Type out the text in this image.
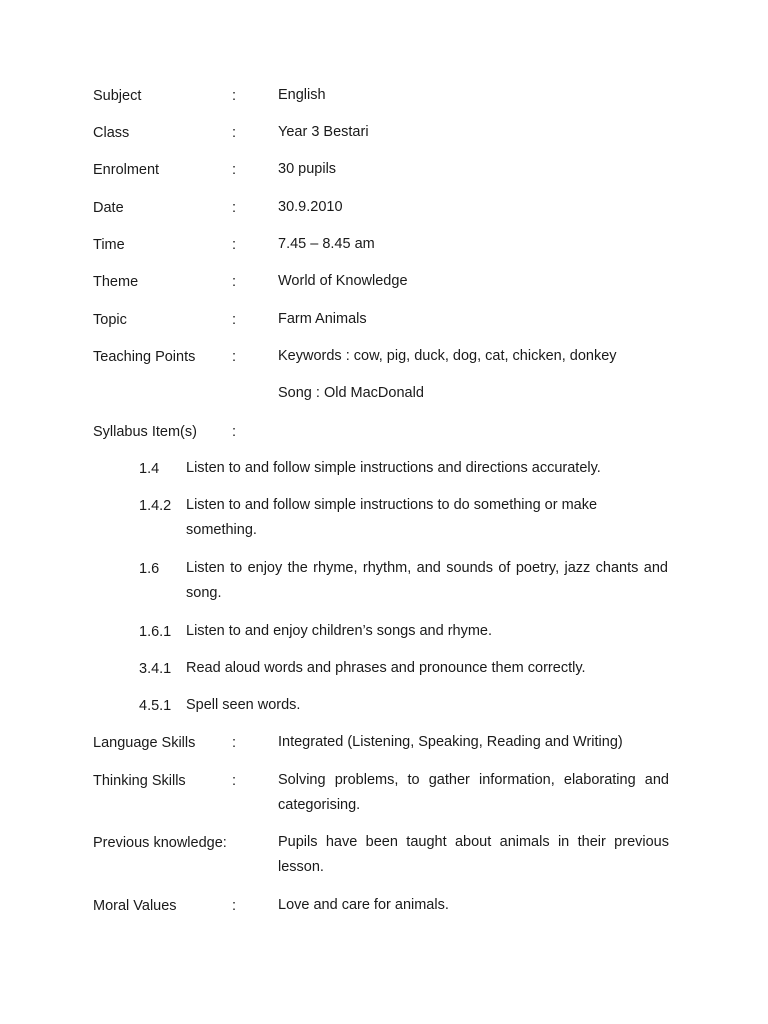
Subject	:	English
Class	:	Year 3 Bestari
Enrolment	:	30 pupils
Date	:	30.9.2010
Time	:	7.45 – 8.45 am
Theme	:	World of Knowledge
Topic	:	Farm Animals
Teaching Points	:	Keywords : cow, pig, duck, dog, cat, chicken, donkey
Song : Old MacDonald
Syllabus Item(s) :
1.4 Listen to and follow simple instructions and directions accurately.
1.4.2 Listen to and follow simple instructions to do something or make something.
1.6 Listen to enjoy the rhyme, rhythm, and sounds of poetry, jazz chants and song.
1.6.1 Listen to and enjoy children’s songs and rhyme.
3.4.1 Read aloud words and phrases and pronounce them correctly.
4.5.1 Spell seen words.
Language Skills	:	Integrated (Listening, Speaking, Reading and Writing)
Thinking Skills	:	Solving problems, to gather information, elaborating and categorising.
Previous knowledge:	Pupils have been taught about animals in their previous lesson.
Moral Values	:	Love and care for animals.
